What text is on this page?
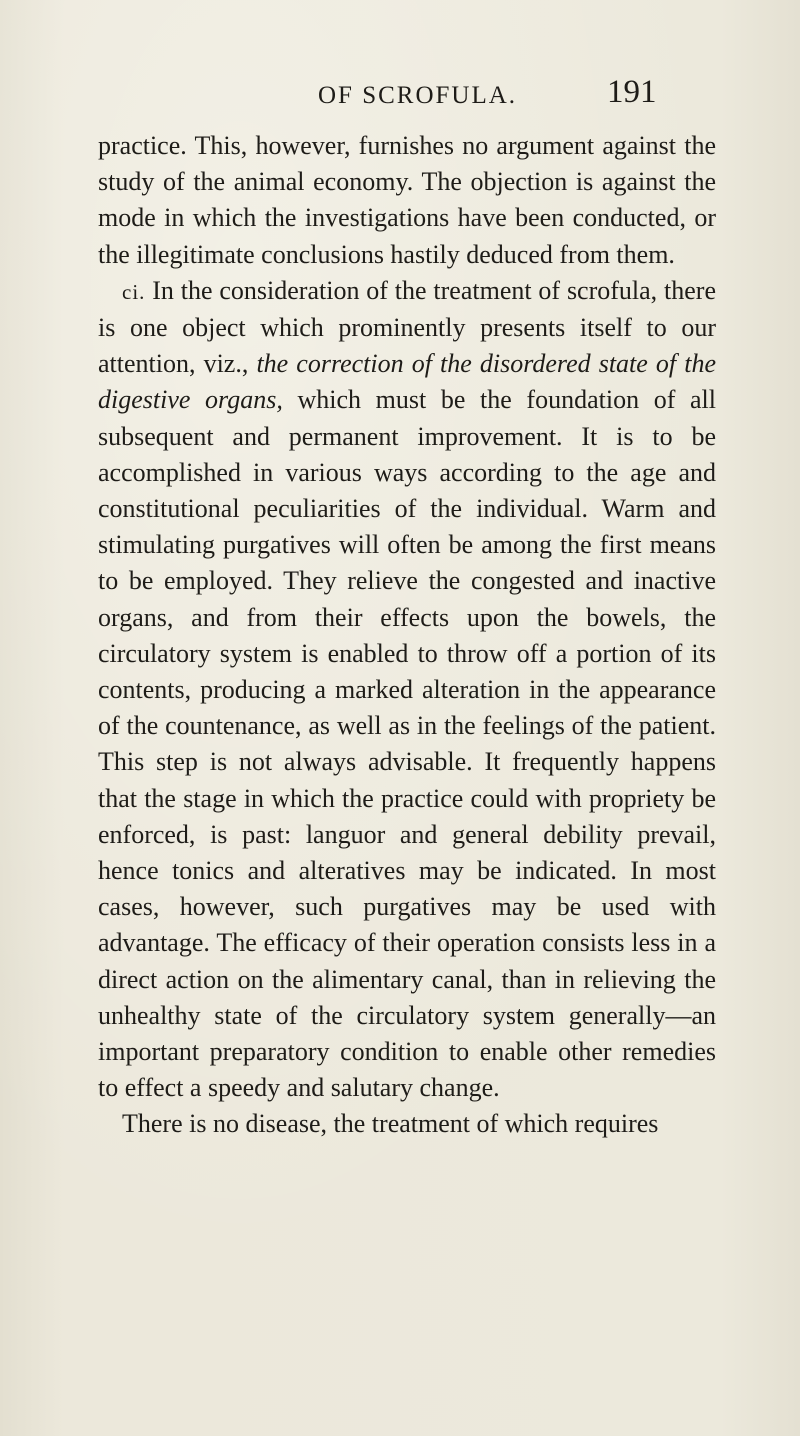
OF SCROFULA.	191

practice. This, however, furnishes no argument against the study of the animal economy. The objection is against the mode in which the investigations have been conducted, or the illegitimate conclusions hastily deduced from them.

ci. In the consideration of the treatment of scrofula, there is one object which prominently presents itself to our attention, viz., the correction of the disordered state of the digestive organs, which must be the foundation of all subsequent and permanent improvement. It is to be accomplished in various ways according to the age and constitutional peculiarities of the individual. Warm and stimulating purgatives will often be among the first means to be employed. They relieve the congested and inactive organs, and from their effects upon the bowels, the circulatory system is enabled to throw off a portion of its contents, producing a marked alteration in the appearance of the countenance, as well as in the feelings of the patient. This step is not always advisable. It frequently happens that the stage in which the practice could with propriety be enforced, is past: languor and general debility prevail, hence tonics and alteratives may be indicated. In most cases, however, such purgatives may be used with advantage. The efficacy of their operation consists less in a direct action on the alimentary canal, than in relieving the unhealthy state of the circulatory system generally—an important preparatory condition to enable other remedies to effect a speedy and salutary change.

There is no disease, the treatment of which requires
